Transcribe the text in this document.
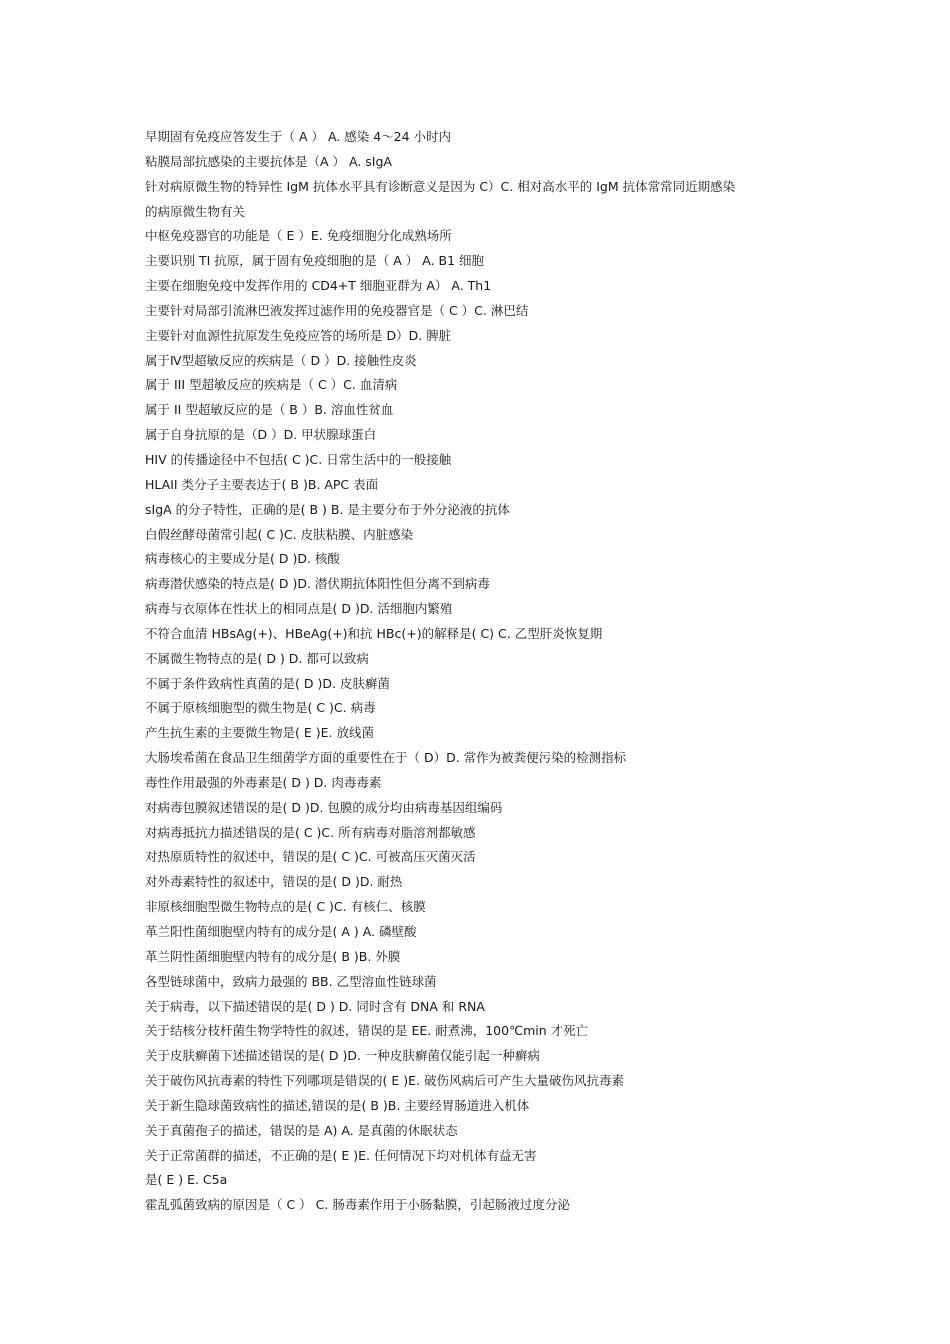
早期固有免疫应答发生于（ A ） A. 感染 4～24 小时内
粘膜局部抗感染的主要抗体是（A ） A. sIgA
针对病原微生物的特异性 IgM 抗体水平具有诊断意义是因为 C）C. 相对高水平的 IgM 抗体常常同近期感染
的病原微生物有关
中枢免疫器官的功能是（ E ）E. 免疫细胞分化成熟场所
主要识别 TI 抗原，属于固有免疫细胞的是（ A ） A. B1 细胞
主要在细胞免疫中发挥作用的 CD4+T 细胞亚群为 A） A. Th1
主要针对局部引流淋巴液发挥过滤作用的免疫器官是（ C ）C. 淋巴结
主要针对血源性抗原发生免疫应答的场所是 D）D. 脾脏
属于Ⅳ型超敏反应的疾病是（ D ）D. 接触性皮炎
属于 III 型超敏反应的疾病是（ C ）C. 血清病
属于 II 型超敏反应的是（ B ）B. 溶血性贫血
属于自身抗原的是（D ）D. 甲状腺球蛋白
HIV 的传播途径中不包括( C )C. 日常生活中的一般接触
HLAII 类分子主要表达于( B )B. APC 表面
sIgA 的分子特性，正确的是( B ) B. 是主要分布于外分泌液的抗体
白假丝酵母菌常引起( C )C. 皮肤粘膜、内脏感染
病毒核心的主要成分是( D )D. 核酸
病毒潜伏感染的特点是( D )D. 潜伏期抗体阳性但分离不到病毒
病毒与衣原体在性状上的相同点是( D )D. 活细胞内繁殖
不符合血清 HBsAg(+)、HBeAg(+)和抗 HBc(+)的解释是( C) C. 乙型肝炎恢复期
不属微生物特点的是( D ) D. 都可以致病
不属于条件致病性真菌的是( D )D. 皮肤癣菌
不属于原核细胞型的微生物是( C )C. 病毒
产生抗生素的主要微生物是( E )E. 放线菌
大肠埃希菌在食品卫生细菌学方面的重要性在于（ D）D. 常作为被粪便污染的检测指标
毒性作用最强的外毒素是( D ) D. 肉毒毒素
对病毒包膜叙述错误的是( D )D. 包膜的成分均由病毒基因组编码
对病毒抵抗力描述错误的是( C )C. 所有病毒对脂溶剂都敏感
对热原质特性的叙述中，错误的是( C )C. 可被高压灭菌灭活
对外毒素特性的叙述中，错误的是( D )D. 耐热
非原核细胞型微生物特点的是( C )C. 有核仁、核膜
革兰阳性菌细胞壁内特有的成分是( A ) A. 磷壁酸
革兰阴性菌细胞壁内特有的成分是( B )B. 外膜
各型链球菌中，致病力最强的 BB. 乙型溶血性链球菌
关于病毒，以下描述错误的是( D ) D. 同时含有 DNA 和 RNA
关于结核分枝杆菌生物学特性的叙述，错误的是 EE. 耐煮沸，100℃min 才死亡
关于皮肤癣菌下述描述错误的是( D )D. 一种皮肤癣菌仅能引起一种癣病
关于破伤风抗毒素的特性下列哪项是错误的( E )E. 破伤风病后可产生大量破伤风抗毒素
关于新生隐球菌致病性的描述,错误的是( B )B. 主要经胃肠道进入机体
关于真菌孢子的描述，错误的是 A) A. 是真菌的休眠状态
关于正常菌群的描述，不正确的是( E )E. 任何情况下均对机体有益无害
是( E ) E. C5a
霍乱弧菌致病的原因是（ C ） C. 肠毒素作用于小肠黏膜，引起肠液过度分泌
